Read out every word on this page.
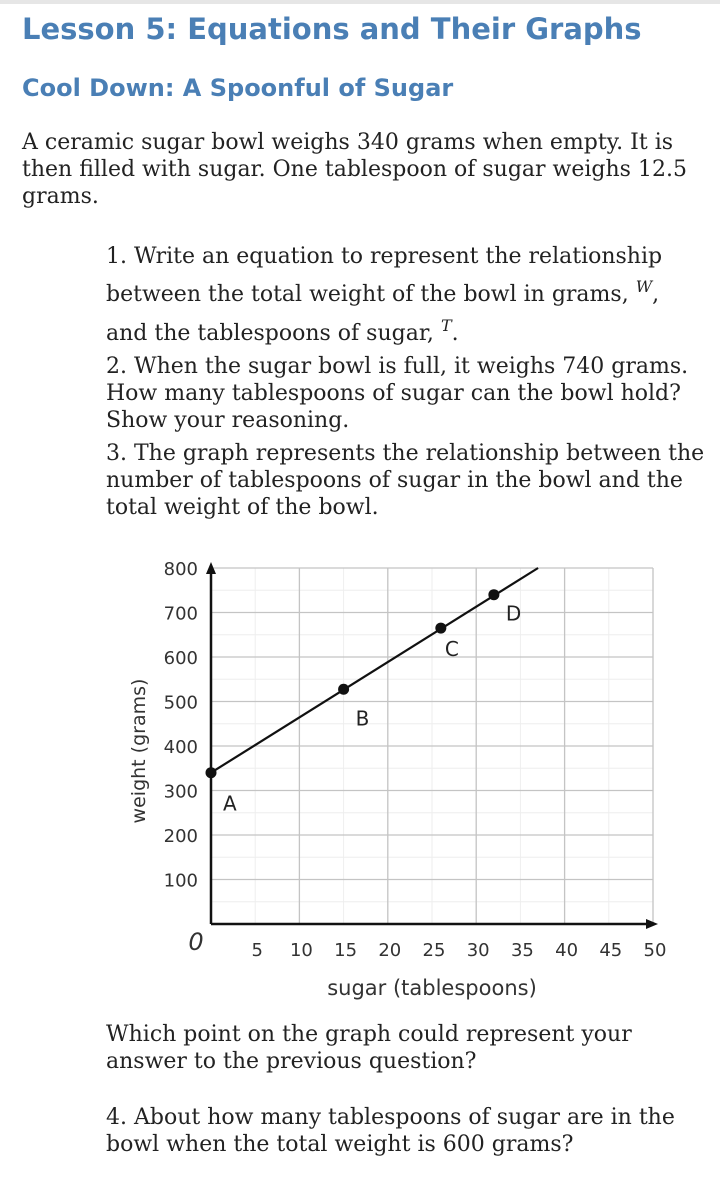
Lesson 5: Equations and Their Graphs
Cool Down: A Spoonful of Sugar
A ceramic sugar bowl weighs 340 grams when empty. It is then filled with sugar. One tablespoon of sugar weighs 12.5 grams.
1. Write an equation to represent the relationship between the total weight of the bowl in grams, $^W$, and the tablespoons of sugar, $^T$.
2. When the sugar bowl is full, it weighs 740 grams. How many tablespoons of sugar can the bowl hold? Show your reasoning.
3. The graph represents the relationship between the number of tablespoons of sugar in the bowl and the total weight of the bowl.
weight (grams)
5 10 15 20 25 30 35 40 45 50
100
200
300
400
500
600
700
800
0
sugar (tablespoons)
A
B
C
D
Which point on the graph could represent your answer to the previous question?
4. About how many tablespoons of sugar are in the bowl when the total weight is 600 grams?
